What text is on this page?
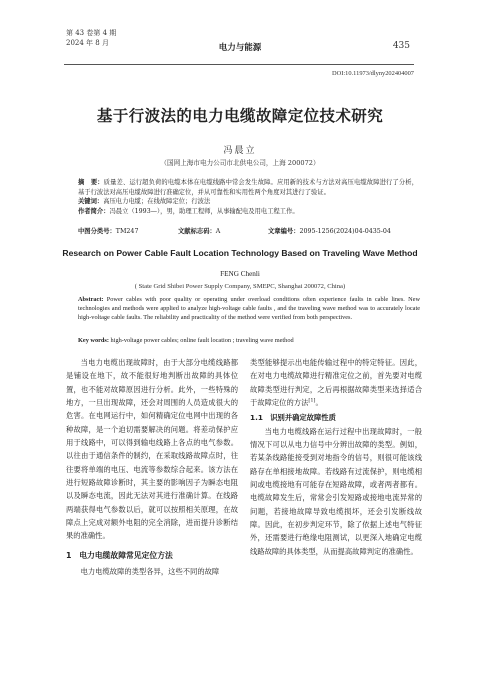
第 43 卷第 4 期
2024 年 8 月	电力与能源	435
DOI:10.11973/dlyny202404007
基于行波法的电力电缆故障定位技术研究
冯晨立
（国网上海市电力公司市北供电公司，上海 200072）
摘　要：质量差、运行超负荷的电缆本体在电缆线路中常会发生故障。应用新的技术与方法对高压电缆故障进行了分析，基于行波法对高压电缆故障进行准确定位，并从可靠性和实用性两个角度对其进行了验证。
关键词：高压电力电缆；在线故障定位；行波法
作者简介：冯晨立（1993—），男，助理工程师，从事输配电及用电工程工作。
中图分类号：TM247	文献标志码：A	文章编号：2095-1256(2024)04-0435-04
Research on Power Cable Fault Location Technology Based on Traveling Wave Method
FENG Chenli
( State Grid Shibei Power Supply Company, SMEPC, Shanghai 200072, China)
Abstract: Power cables with poor quality or operating under overload conditions often experience faults in cable lines. New technologies and methods were applied to analyze high-voltage cable faults , and the traveling wave method was to accurately locate high-voltage cable faults. The reliability and practicality of the method were verified from both perspectives.
Key words: high-voltage power cables; online fault location ; traveling wave method

当电力电缆出现故障时，由于大部分电缆线路都是铺设在地下，故不能很好地判断出故障的具体位置，也不能对故障原因进行分析。此外，一些特殊的地方，一旦出现故障，还会对周围的人员造成很大的危害。在电网运行中，如何精确定位电网中出现的各种故障，是一个迫切需要解决的问题。将差动保护应用于线路中，可以得到输电线路上各点的电气参数。以往由于通信条件的制约，在采取线路故障点时，往往要将单端的电压、电流等参数综合起来。该方法在进行短路故障诊断时，其主要的影响因子为瞬态电阻以及瞬态电流，因此无法对其进行准确计算。在线路两端获得电气参数以后，就可以按照相关原理，在故障点上完成对额外电阻的完全消除，进而提升诊断结果的准确性。

1　电力电缆故障常见定位方法

电力电缆故障的类型各异，这些不同的故障

类型能够提示出电能传输过程中的特定特征。因此，在对电力电缆故障进行精准定位之前，首先要对电缆故障类型进行判定，之后再根据故障类型来选择适合于故障定位的方法[1]。

1.1　识别并确定故障性质

当电力电缆线路在运行过程中出现故障时，一般情况下可以从电力信号中分辨出故障的类型。例如，若某条线路能接受到对地指令的信号，则很可能该线路存在单相接地故障。若线路有过流保护，则电缆相间或电缆接地有可能存在短路故障，或者两者都有。电缆故障发生后，常常会引发短路或接地电流异常的问题，若接地故障导致电缆损坏，还会引发断线故障。因此，在初步判定环节，除了依据上述电气特征外，还需要进行绝缘电阻测试，以更深入地确定电缆线路故障的具体类型，从而提高故障判定的准确性。
